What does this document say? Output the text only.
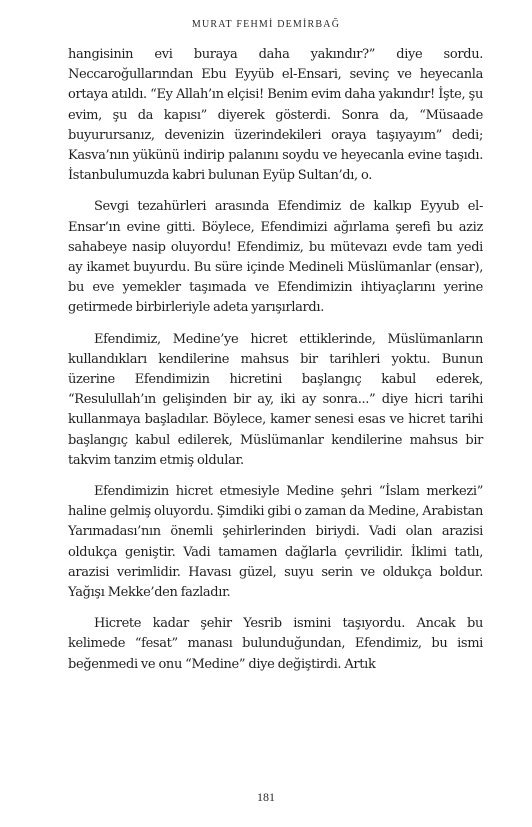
MURAT FEHMİ DEMİRBAĞ

hangisinin evi buraya daha yakındır?” diye sordu. Neccaroğullarından Ebu Eyyüb el-Ensari, sevinç ve heyecanla ortaya atıldı. “Ey Allah’ın elçisi! Benim evim daha yakındır! İşte, şu evim, şu da kapısı” diyerek gösterdi. Sonra da, “Müsaade buyurursanız, devenizin üzerindekileri oraya taşıyayım” dedi; Kasva’nın yükünü indirip palanını soydu ve heyecanla evine taşıdı. İstanbulumuzda kabri bulunan Eyüp Sultan’dı, o.

Sevgi tezahürleri arasında Efendimiz de kalkıp Eyyub el-Ensar’ın evine gitti. Böylece, Efendimizi ağırlama şerefi bu aziz sahabeye nasip oluyordu! Efendimiz, bu mütevazı evde tam yedi ay ikamet buyurdu. Bu süre içinde Medineli Müslümanlar (ensar), bu eve yemekler taşımada ve Efendimizin ihtiyaçlarını yerine getirmede birbirleriyle adeta yarışırlardı.

Efendimiz, Medine’ye hicret ettiklerinde, Müslümanların kullandıkları kendilerine mahsus bir tarihleri yoktu. Bunun üzerine Efendimizin hicretini başlangıç kabul ederek, “Resulullah’ın gelişinden bir ay, iki ay sonra...” diye hicri tarihi kullanmaya başladılar. Böylece, kamer senesi esas ve hicret tarihi başlangıç kabul edilerek, Müslümanlar kendilerine mahsus bir takvim tanzim etmiş oldular.

Efendimizin hicret etmesiyle Medine şehri “İslam merkezi” haline gelmiş oluyordu. Şimdiki gibi o zaman da Medine, Arabistan Yarımadası’nın önemli şehirlerinden biriydi. Vadi olan arazisi oldukça geniştir. Vadi tamamen dağlarla çevrilidir. İklimi tatlı, arazisi verimlidir. Havası güzel, suyu serin ve oldukça boldur. Yağışı Mekke’den fazladır.

Hicrete kadar şehir Yesrib ismini taşıyordu. Ancak bu kelimede “fesat” manası bulunduğundan, Efendimiz, bu ismi beğenmedi ve onu “Medine” diye değiştirdi. Artık

181
